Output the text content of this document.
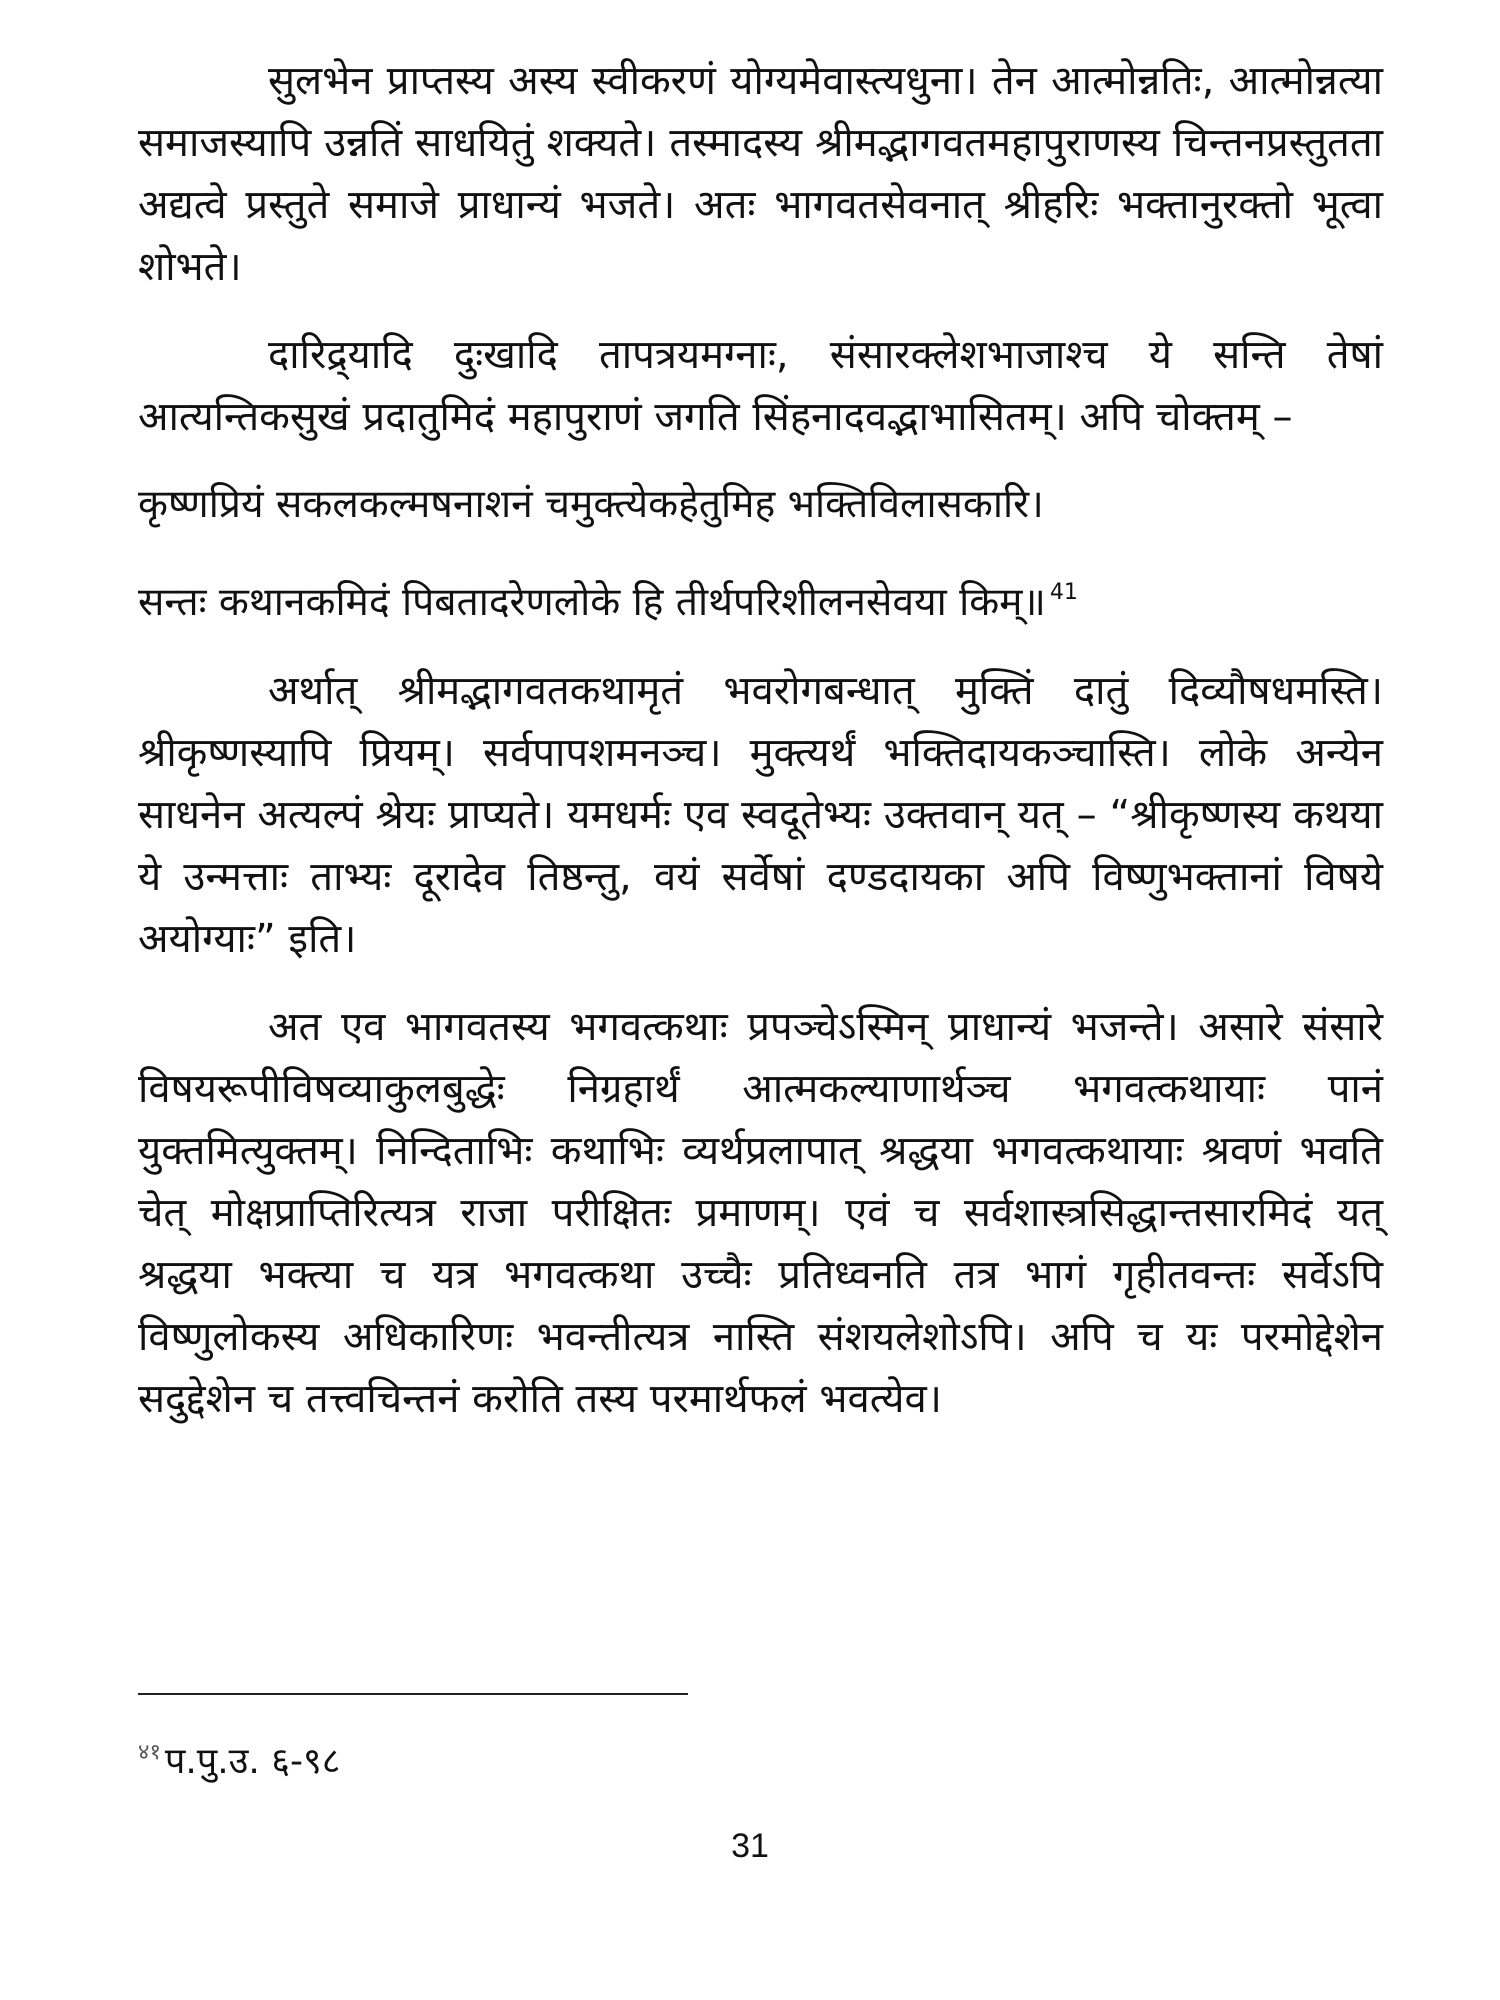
सुलभेन प्राप्तस्य अस्य स्वीकरणं योग्यमेवास्त्यधुना। तेन आत्मोन्नतिः, आत्मोन्नत्या समाजस्यापि उन्नतिं साधयितुं शक्यते। तस्मादस्य श्रीमद्भागवतमहापुराणस्य चिन्तनप्रस्तुतता अद्यत्वे प्रस्तुते समाजे प्राधान्यं भजते। अतः भागवतसेवनात् श्रीहरिः भक्तानुरक्तो भूत्वा शोभते।

दारिद्र्यादि दुःखादि तापत्रयमग्नाः, संसारक्लेशभाजाश्च ये सन्ति तेषां आत्यन्तिकसुखं प्रदातुमिदं महापुराणं जगति सिंहनादवद्भाभासितम्। अपि चोक्तम् –

कृष्णप्रियं सकलकल्मषनाशनं चमुक्त्येकहेतुमिह भक्तिविलासकारि।
सन्तः कथानकमिदं पिबतादरेणलोके हि तीर्थपरिशीलनसेवया किम्॥ $^{41}$

अर्थात् श्रीमद्भागवतकथामृतं भवरोगबन्धात् मुक्तिं दातुं दिव्यौषधमस्ति। श्रीकृष्णस्यापि प्रियम्। सर्वपापशमनञ्च। मुक्त्यर्थं भक्तिदायकञ्चास्ति। लोके अन्येन साधनेन अत्यल्पं श्रेयः प्राप्यते। यमधर्मः एव स्वदूतेभ्यः उक्तवान् यत् – “श्रीकृष्णस्य कथया ये उन्मत्ताः ताभ्यः दूरादेव तिष्ठन्तु, वयं सर्वेषां दण्डदायका अपि विष्णुभक्तानां विषये अयोग्याः” इति।

अत एव भागवतस्य भगवत्कथाः प्रपञ्चेऽस्मिन् प्राधान्यं भजन्ते। असारे संसारे विषयरूपीविषव्याकुलबुद्धेः निग्रहार्थं आत्मकल्याणार्थञ्च भगवत्कथायाः पानं युक्तमित्युक्तम्। निन्दिताभिः कथाभिः व्यर्थप्रलापात् श्रद्धया भगवत्कथायाः श्रवणं भवति चेत् मोक्षप्राप्तिरित्यत्र राजा परीक्षितः प्रमाणम्। एवं च सर्वशास्त्रसिद्धान्तसारमिदं यत् श्रद्धया भक्त्या च यत्र भगवत्कथा उच्चैः प्रतिध्वनति तत्र भागं गृहीतवन्तः सर्वेऽपि विष्णुलोकस्य अधिकारिणः भवन्तीत्यत्र नास्ति संशयलेशोऽपि। अपि च यः परमोद्देशेन सदुद्देशेन च तत्त्वचिन्तनं करोति तस्य परमार्थफलं भवत्येव।

$^{४१}$ प.पु.उ. ६-९८
31
